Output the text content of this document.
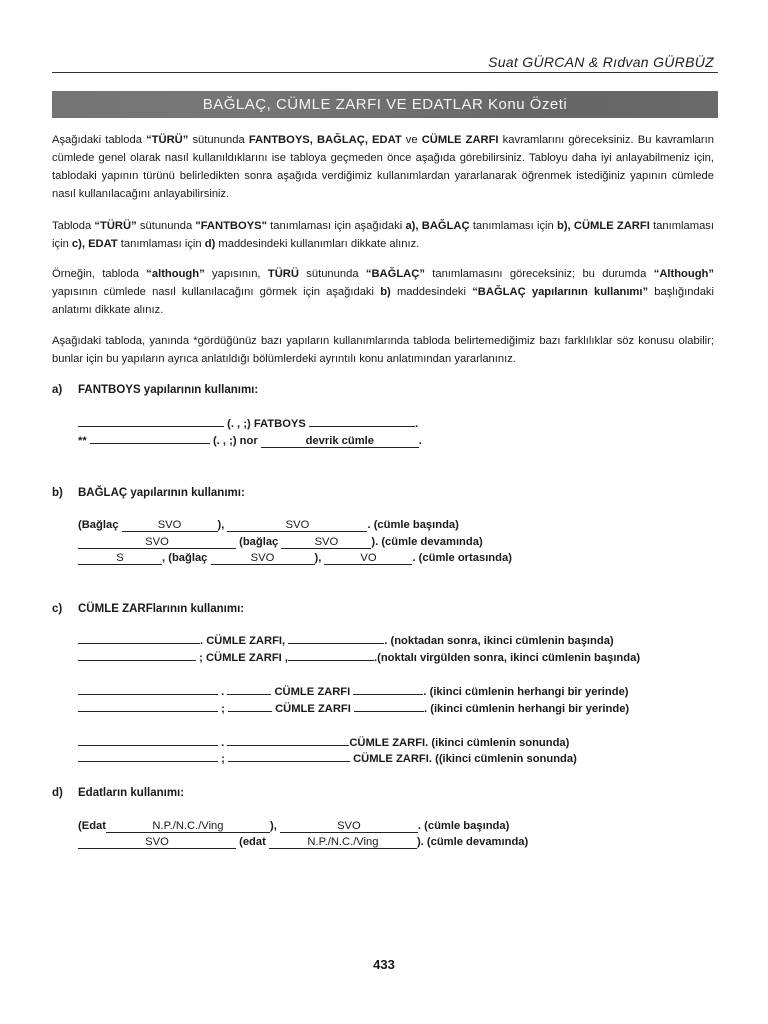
Suat GÜRCAN & Rıdvan GÜRBÜZ
BAĞLAÇ, CÜMLE ZARFI VE EDATLAR Konu Özeti
Aşağıdaki tabloda “TÜRÜ” sütununda FANTBOYS, BAĞLAÇ, EDAT ve CÜMLE ZARFI kavramlarını göreceksiniz. Bu kavramların cümlede genel olarak nasıl kullanıldıklarını ise tabloya geçmeden önce aşağıda görebilirsiniz. Tabloyu daha iyi anlayabilmeniz için, tablodaki yapının türünü belirledikten sonra aşağıda verdiğimiz kullanımlardan yararlanarak öğrenmek istediğiniz yapının cümlede nasıl kullanılacağını anlayabilirsiniz.
Tabloda “TÜRÜ” sütununda "FANTBOYS" tanımlaması için aşağıdaki a), BAĞLAÇ tanımlaması için b), CÜMLE ZARFI tanımlaması için c), EDAT tanımlaması için d) maddesindeki kullanımları dikkate alınız.
Örneğin, tabloda “although” yapısının, TÜRÜ sütununda “BAĞLAÇ” tanımlamasını göreceksiniz; bu durumda “Although” yapısının cümlede nasıl kullanılacağını görmek için aşağıdaki b) maddesindeki “BAĞLAÇ yapılarının kullanımı” başlığındaki anlatımı dikkate alınız.
Aşağıdaki tabloda, yanında *gördüğünüz bazı yapıların kullanımlarında tabloda belirtemediğimiz bazı farklılıklar söz konusu olabilir; bunlar için bu yapıların ayrıca anlatıldığı bölümlerdeki ayrıntılı konu anlatımından yararlanınız.
a) FANTBOYS yapılarının kullanımı:
(. , ;) FATBOYS	.
**	(. , ;) nor	devrik cümle	.
b) BAĞLAÇ yapılarının kullanımı:
(Bağlaç	SVO	),	SVO	. (cümle başında)
SVO	(bağlaç	SVO	). (cümle devamında)
S	, (bağlaç	SVO	),	VO	. (cümle ortasında)
c) CÜMLE ZARFlarının kullanımı:
. CÜMLE ZARFI,	. (noktadan sonra, ikinci cümlenin başında)
; CÜMLE ZARFI ,	.(noktalı virgülden sonra, ikinci cümlenin başında)
.	CÜMLE ZARFI	. (ikinci cümlenin herhangi bir yerinde)
;	CÜMLE ZARFI	. (ikinci cümlenin herhangi bir yerinde)
.	CÜMLE ZARFI. (ikinci cümlenin sonunda)
;	CÜMLE ZARFI. ((ikinci cümlenin sonunda)
d) Edatların kullanımı:
(Edat	N.P./N.C./Ving	),	SVO	. (cümle başında)
SVO	(edat	N.P./N.C./Ving	). (cümle devamında)
433
